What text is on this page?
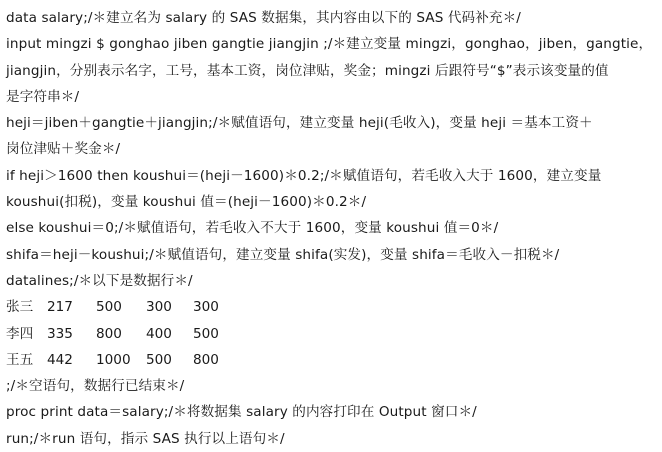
data salary;/＊建立名为 salary 的 SAS 数据集，其内容由以下的 SAS 代码补充＊/
input mingzi $ gonghao jiben gangtie jiangjin ;/＊建立变量 mingzi，gonghao，jiben，gangtie，
jiangjin，分别表示名字，工号，基本工资，岗位津贴，奖金；mingzi 后跟符号“$”表示该变量的值
是字符串＊/
heji＝jiben＋gangtie＋jiangjin;/＊赋值语句，建立变量 heji(毛收入)，变量 heji ＝基本工资＋
岗位津贴＋奖金＊/
if heji＞1600 then koushui＝(heji－1600)＊0.2;/＊赋值语句，若毛收入大于 1600，建立变量
koushui(扣税)，变量 koushui 值＝(heji－1600)＊0.2＊/
else koushui＝0;/＊赋值语句，若毛收入不大于 1600，变量 koushui 值＝0＊/
shifa＝heji－koushui;/＊赋值语句，建立变量 shifa(实发)，变量 shifa＝毛收入－扣税＊/
datalines;/＊以下是数据行＊/
张三	217	500	300	300
李四	335	800	400	500
王五	442	1000	500	800
;/＊空语句，数据行已结束＊/
proc print data＝salary;/＊将数据集 salary 的内容打印在 Output 窗口＊/
run;/＊run 语句，指示 SAS 执行以上语句＊/
